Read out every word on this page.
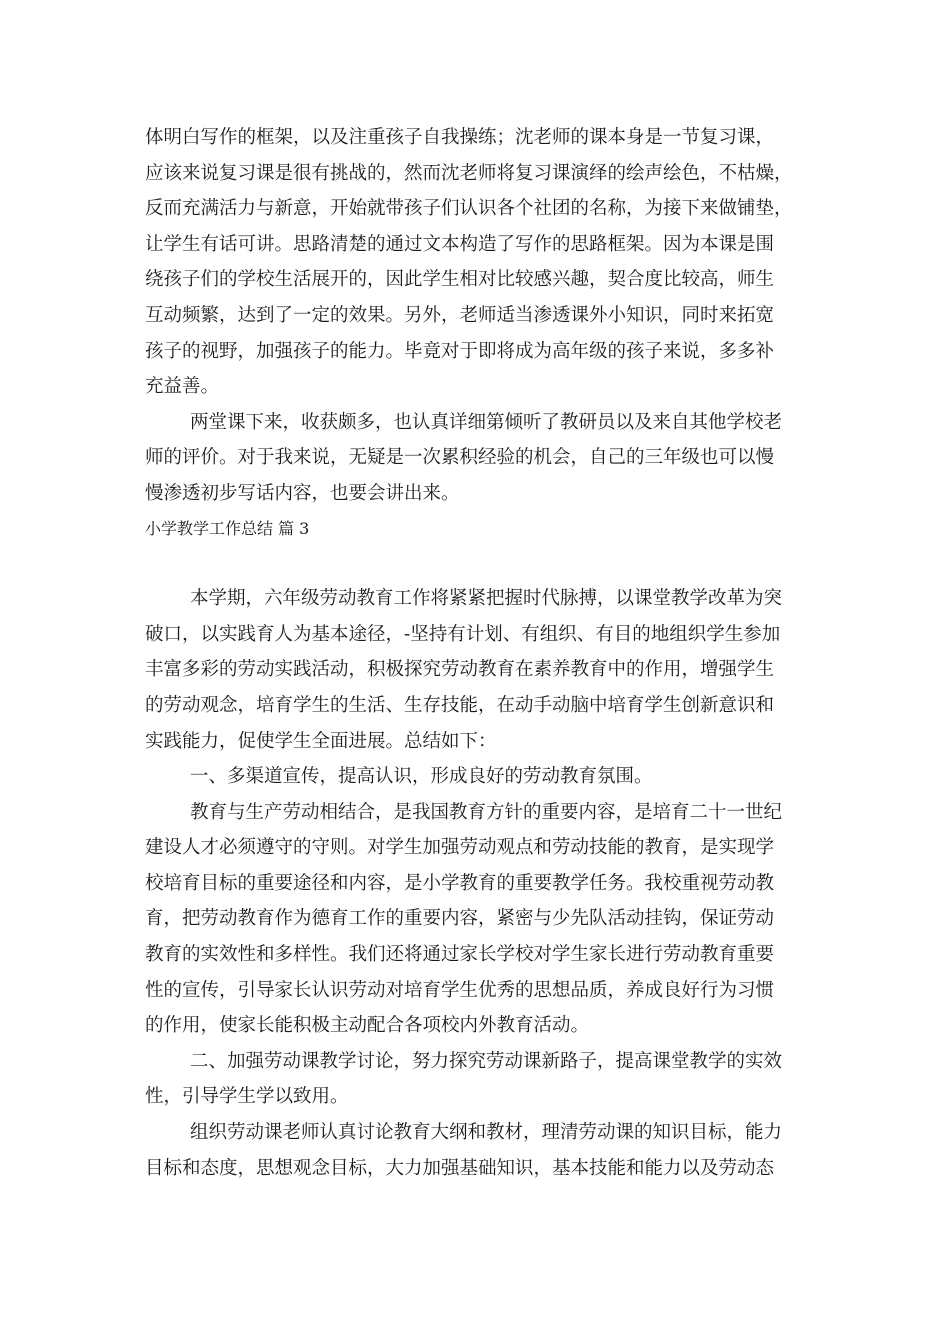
体明白写作的框架，以及注重孩子自我操练；沈老师的课本身是一节复习课，
应该来说复习课是很有挑战的，然而沈老师将复习课演绎的绘声绘色，不枯燥，
反而充满活力与新意，开始就带孩子们认识各个社团的名称，为接下来做铺垫，
让学生有话可讲。思路清楚的通过文本构造了写作的思路框架。因为本课是围
绕孩子们的学校生活展开的，因此学生相对比较感兴趣，契合度比较高，师生
互动频繁，达到了一定的效果。另外，老师适当渗透课外小知识，同时来拓宽
孩子的视野，加强孩子的能力。毕竟对于即将成为高年级的孩子来说，多多补
充益善。
两堂课下来，收获颇多，也认真详细第倾听了教研员以及来自其他学校老
师的评价。对于我来说，无疑是一次累积经验的机会，自己的三年级也可以慢
慢渗透初步写话内容，也要会讲出来。
小学教学工作总结 篇 3
本学期，六年级劳动教育工作将紧紧把握时代脉搏，以课堂教学改革为突
破口，以实践育人为基本途径，-坚持有计划、有组织、有目的地组织学生参加
丰富多彩的劳动实践活动，积极探究劳动教育在素养教育中的作用，增强学生
的劳动观念，培育学生的生活、生存技能，在动手动脑中培育学生创新意识和
实践能力，促使学生全面进展。总结如下：
一、多渠道宣传，提高认识，形成良好的劳动教育氛围。
教育与生产劳动相结合，是我国教育方针的重要内容，是培育二十一世纪
建设人才必须遵守的守则。对学生加强劳动观点和劳动技能的教育，是实现学
校培育目标的重要途径和内容，是小学教育的重要教学任务。我校重视劳动教
育，把劳动教育作为德育工作的重要内容，紧密与少先队活动挂钩，保证劳动
教育的实效性和多样性。我们还将通过家长学校对学生家长进行劳动教育重要
性的宣传，引导家长认识劳动对培育学生优秀的思想品质，养成良好行为习惯
的作用，使家长能积极主动配合各项校内外教育活动。
二、加强劳动课教学讨论，努力探究劳动课新路子，提高课堂教学的实效
性，引导学生学以致用。
组织劳动课老师认真讨论教育大纲和教材，理清劳动课的知识目标，能力
目标和态度，思想观念目标，大力加强基础知识，基本技能和能力以及劳动态
